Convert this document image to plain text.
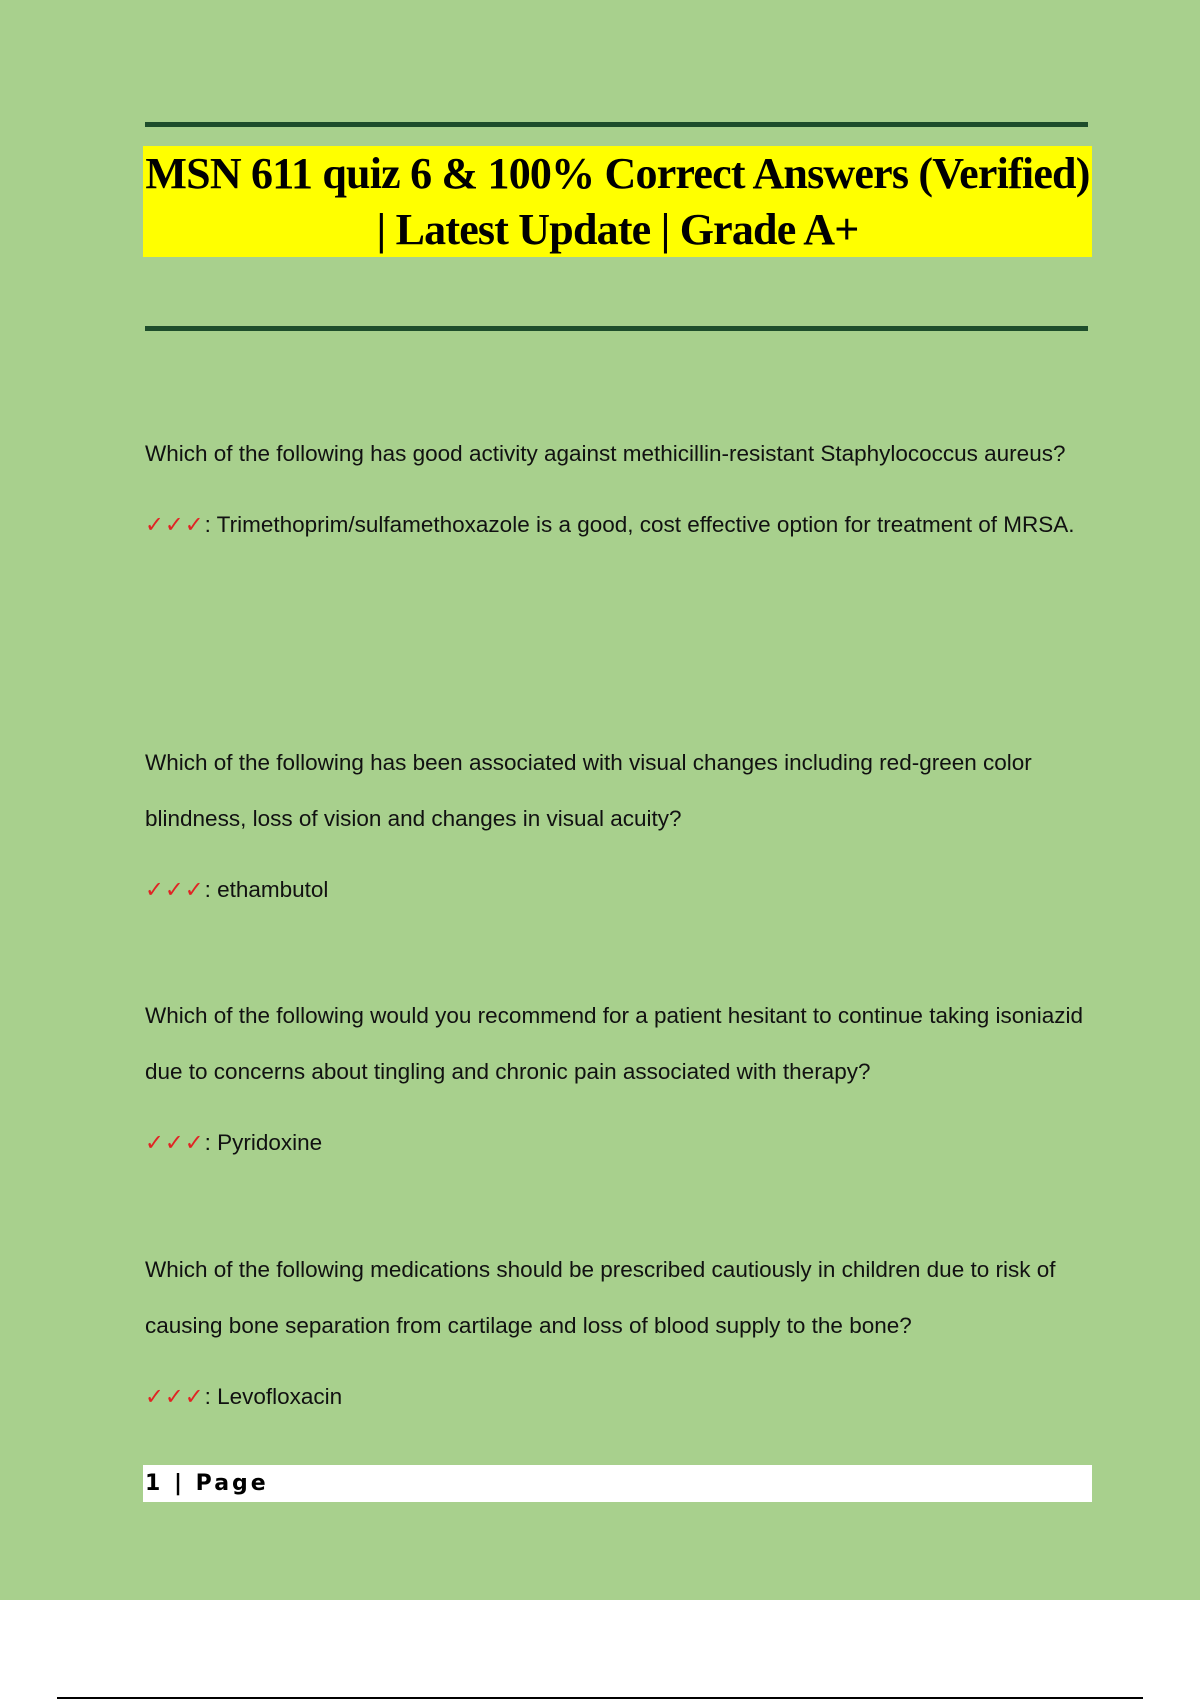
MSN 611 quiz 6 & 100% Correct Answers (Verified) | Latest Update | Grade A+

Which of the following has good activity against methicillin-resistant Staphylococcus aureus?

✓✓✓: Trimethoprim/sulfamethoxazole is a good, cost effective option for treatment of MRSA.

Which of the following has been associated with visual changes including red-green color blindness, loss of vision and changes in visual acuity?

✓✓✓: ethambutol

Which of the following would you recommend for a patient hesitant to continue taking isoniazid due to concerns about tingling and chronic pain associated with therapy?

✓✓✓: Pyridoxine

Which of the following medications should be prescribed cautiously in children due to risk of causing bone separation from cartilage and loss of blood supply to the bone?

✓✓✓: Levofloxacin

1 | Page
